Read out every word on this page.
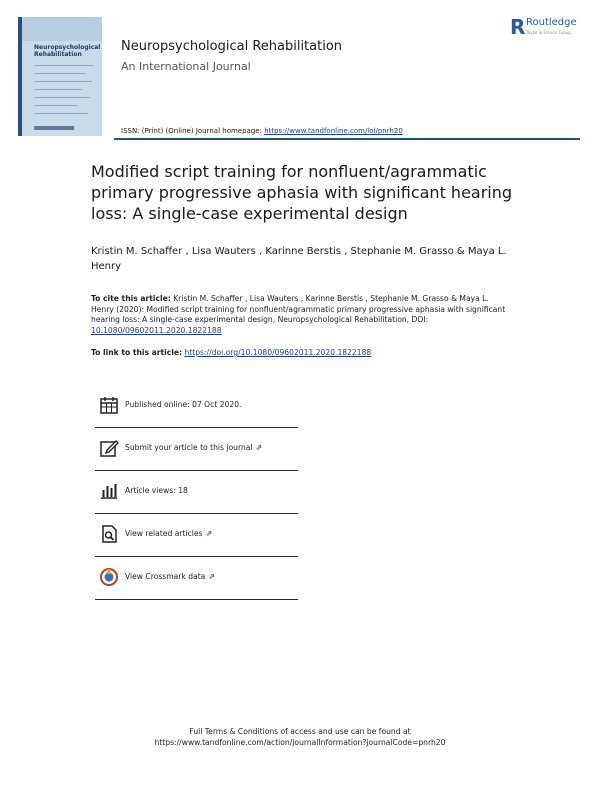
Neuropsychological Rehabilitation
Neuropsychological Rehabilitation
An International Journal
R Routledge
Taylor & Francis Group
ISSN: (Print) (Online) Journal homepage: https://www.tandfonline.com/loi/pnrh20
Modified script training for nonfluent/agrammatic primary progressive aphasia with significant hearing loss: A single-case experimental design
Kristin M. Schaffer , Lisa Wauters , Karinne Berstis , Stephanie M. Grasso & Maya L. Henry
To cite this article: Kristin M. Schaffer , Lisa Wauters , Karinne Berstis , Stephanie M. Grasso & Maya L. Henry (2020): Modified script training for nonfluent/agrammatic primary progressive aphasia with significant hearing loss: A single-case experimental design, Neuropsychological Rehabilitation, DOI: 10.1080/09602011.2020.1822188
To link to this article: https://doi.org/10.1080/09602011.2020.1822188
Published online: 07 Oct 2020.
Submit your article to this journal ⇗
Article views: 18
View related articles ⇗
View Crossmark data ⇗
Full Terms & Conditions of access and use can be found at
https://www.tandfonline.com/action/journalInformation?journalCode=pnrh20
